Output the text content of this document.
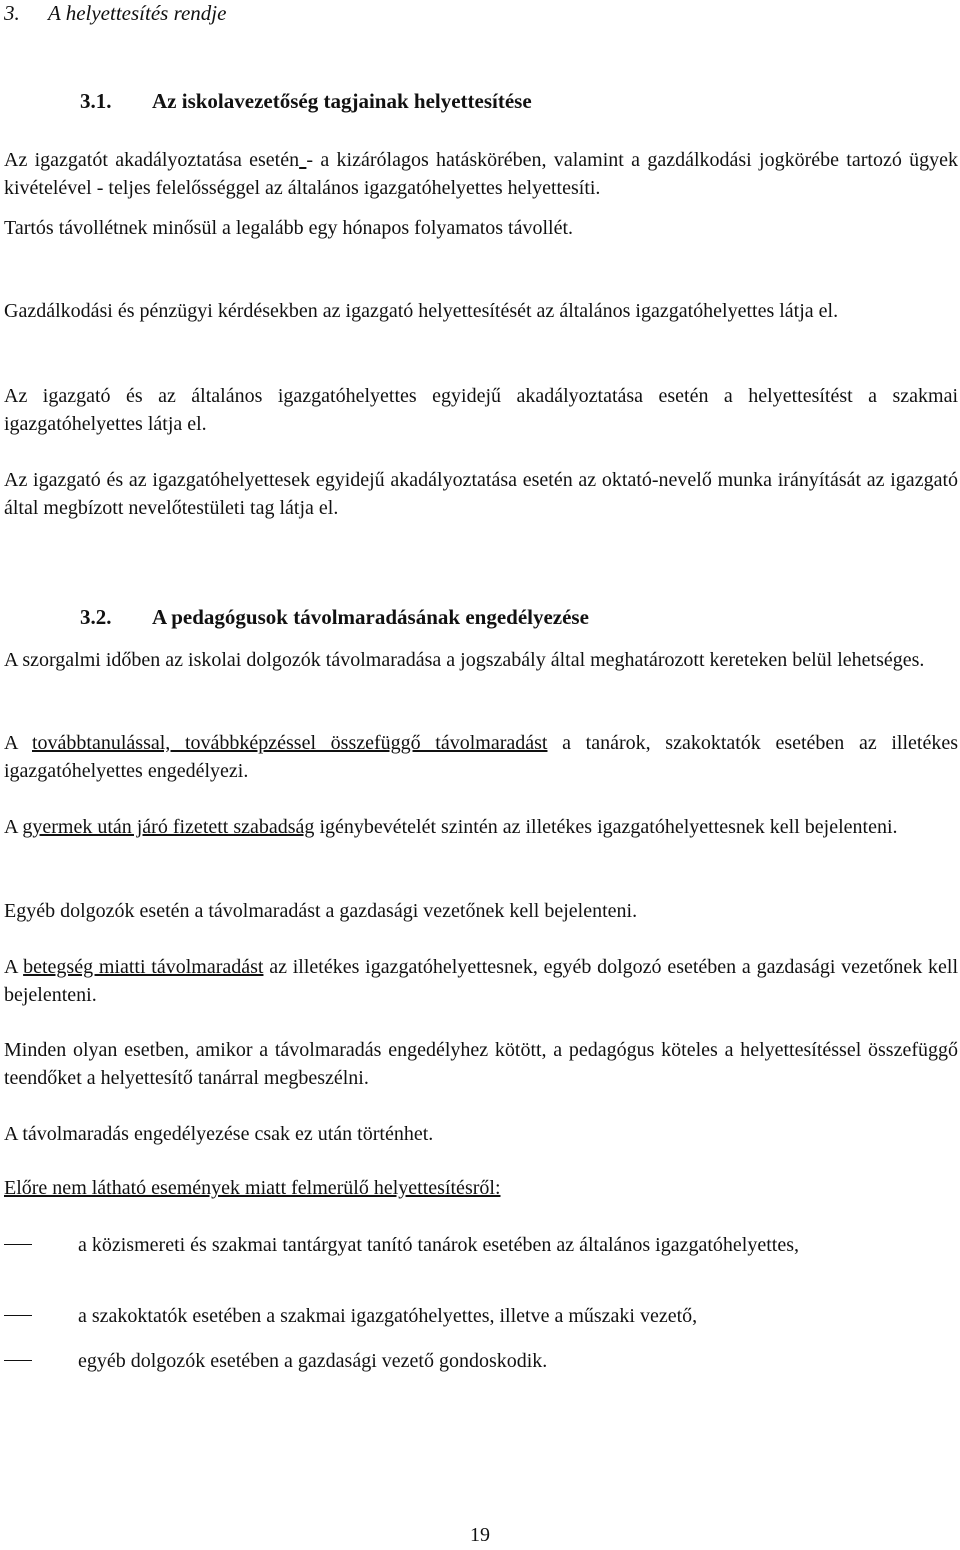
3. A helyettesítés rendje
3.1. Az iskolavezetőség tagjainak helyettesítése
Az igazgatót akadályoztatása esetén - a kizárólagos hatáskörében, valamint a gazdálkodási jogkörébe tartozó ügyek kivételével - teljes felelősséggel az általános igazgatóhelyettes helyettesíti.
Tartós távollétnek minősül a legalább egy hónapos folyamatos távollét.
Gazdálkodási és pénzügyi kérdésekben az igazgató helyettesítését az általános igazgatóhelyettes látja el.
Az igazgató és az általános igazgatóhelyettes egyidejű akadályoztatása esetén a helyettesítést a szakmai igazgatóhelyettes látja el.
Az igazgató és az igazgatóhelyettesek egyidejű akadályoztatása esetén az oktató-nevelő munka irányítását az igazgató által megbízott nevelőtestületi tag látja el.
3.2. A pedagógusok távolmaradásának engedélyezése
A szorgalmi időben az iskolai dolgozók távolmaradása a jogszabály által meghatározott kereteken belül lehetséges.
A továbbtanulással, továbbképzéssel összefüggő távolmaradást a tanárok, szakoktatók esetében az illetékes igazgatóhelyettes engedélyezi.
A gyermek után járó fizetett szabadság igénybevételét szintén az illetékes igazgatóhelyettesnek kell bejelenteni.
Egyéb dolgozók esetén a távolmaradást a gazdasági vezetőnek kell bejelenteni.
A betegség miatti távolmaradást az illetékes igazgatóhelyettesnek, egyéb dolgozó esetében a gazdasági vezetőnek kell bejelenteni.
Minden olyan esetben, amikor a távolmaradás engedélyhez kötött, a pedagógus köteles a helyettesítéssel összefüggő teendőket a helyettesítő tanárral megbeszélni.
A távolmaradás engedélyezése csak ez után történhet.
Előre nem látható események miatt felmerülő helyettesítésről:
a közismereti és szakmai tantárgyat tanító tanárok esetében az általános igazgatóhelyettes,
a szakoktatók esetében a szakmai igazgatóhelyettes, illetve a műszaki vezető,
egyéb dolgozók esetében a gazdasági vezető gondoskodik.
19
